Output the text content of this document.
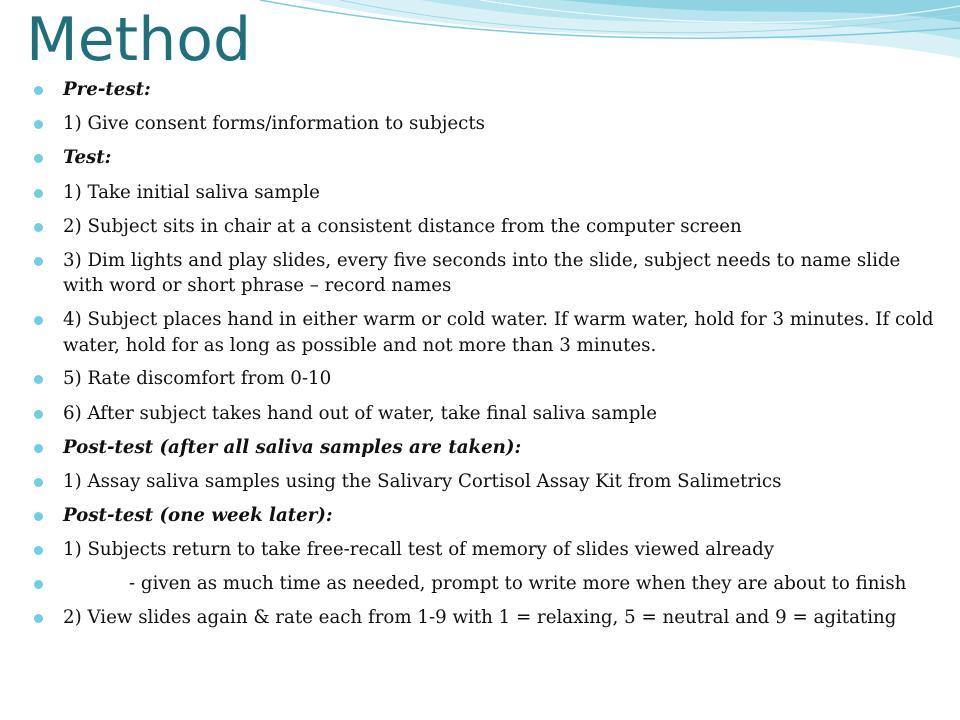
Method
Pre-test:
1) Give consent forms/information to subjects
Test:
1) Take initial saliva sample
2) Subject sits in chair at a consistent distance from the computer screen
3) Dim lights and play slides, every five seconds into the slide, subject needs to name slide with word or short phrase – record names
4) Subject places hand in either warm or cold water. If warm water, hold for 3 minutes. If cold water, hold for as long as possible and not more than 3 minutes.
5) Rate discomfort from 0-10
6) After subject takes hand out of water, take final saliva sample
Post-test (after all saliva samples are taken):
1) Assay saliva samples using the Salivary Cortisol Assay Kit from Salimetrics
Post-test (one week later):
1) Subjects return to take free-recall test of memory of slides viewed already
- given as much time as needed, prompt to write more when they are about to finish
2) View slides again & rate each from 1-9 with 1 = relaxing, 5 = neutral and 9 = agitating
